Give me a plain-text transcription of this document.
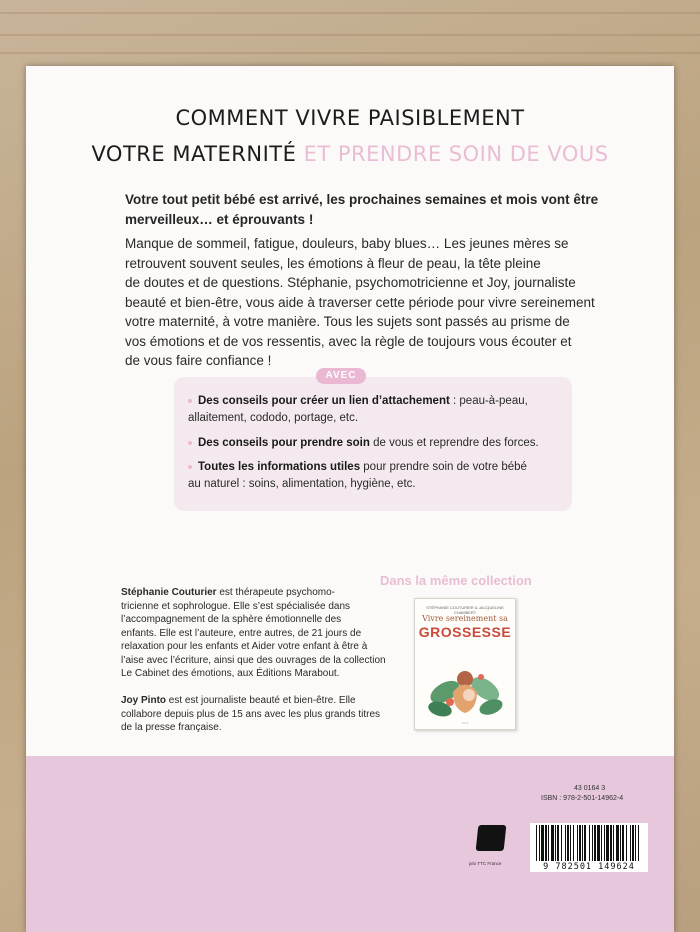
COMMENT VIVRE PAISIBLEMENT
VOTRE MATERNITÉ ET PRENDRE SOIN DE VOUS
Votre tout petit bébé est arrivé, les prochaines semaines et mois vont être
merveilleux… et éprouvants !
Manque de sommeil, fatigue, douleurs, baby blues… Les jeunes mères se
retrouvent souvent seules, les émotions à fleur de peau, la tête pleine
de doutes et de questions. Stéphanie, psychomotricienne et Joy, journaliste
beauté et bien-être, vous aide à traverser cette période pour vivre sereinement
votre maternité, à votre manière. Tous les sujets sont passés au prisme de
vos émotions et de vos ressentis, avec la règle de toujours vous écouter et
de vous faire confiance !
AVEC
Des conseils pour créer un lien d’attachement : peau-à-peau,
allaitement, cododo, portage, etc.
Des conseils pour prendre soin de vous et reprendre des forces.
Toutes les informations utiles pour prendre soin de votre bébé
au naturel : soins, alimentation, hygiène, etc.
Stéphanie Couturier est thérapeute psychomo-
tricienne et sophrologue. Elle s’est spécialisée dans
l’accompagnement de la sphère émotionnelle des
enfants. Elle est l’auteure, entre autres, de 21 jours de
relaxation pour les enfants et Aider votre enfant à être à
l’aise avec l’écriture, ainsi que des ouvrages de la collection
Le Cabinet des émotions, aux Éditions Marabout.

Joy Pinto est est journaliste beauté et bien-être. Elle
collabore depuis plus de 15 ans avec les plus grands titres
de la presse française.
Dans la même collection
STÉPHANIE COUTURIER & JACQUELINE CHAMBERT
Vivre sereinement sa
GROSSESSE
• • •
43 0164 3
ISBN : 978-2-501-14962-4
prix TTC France	9 782501 149624
